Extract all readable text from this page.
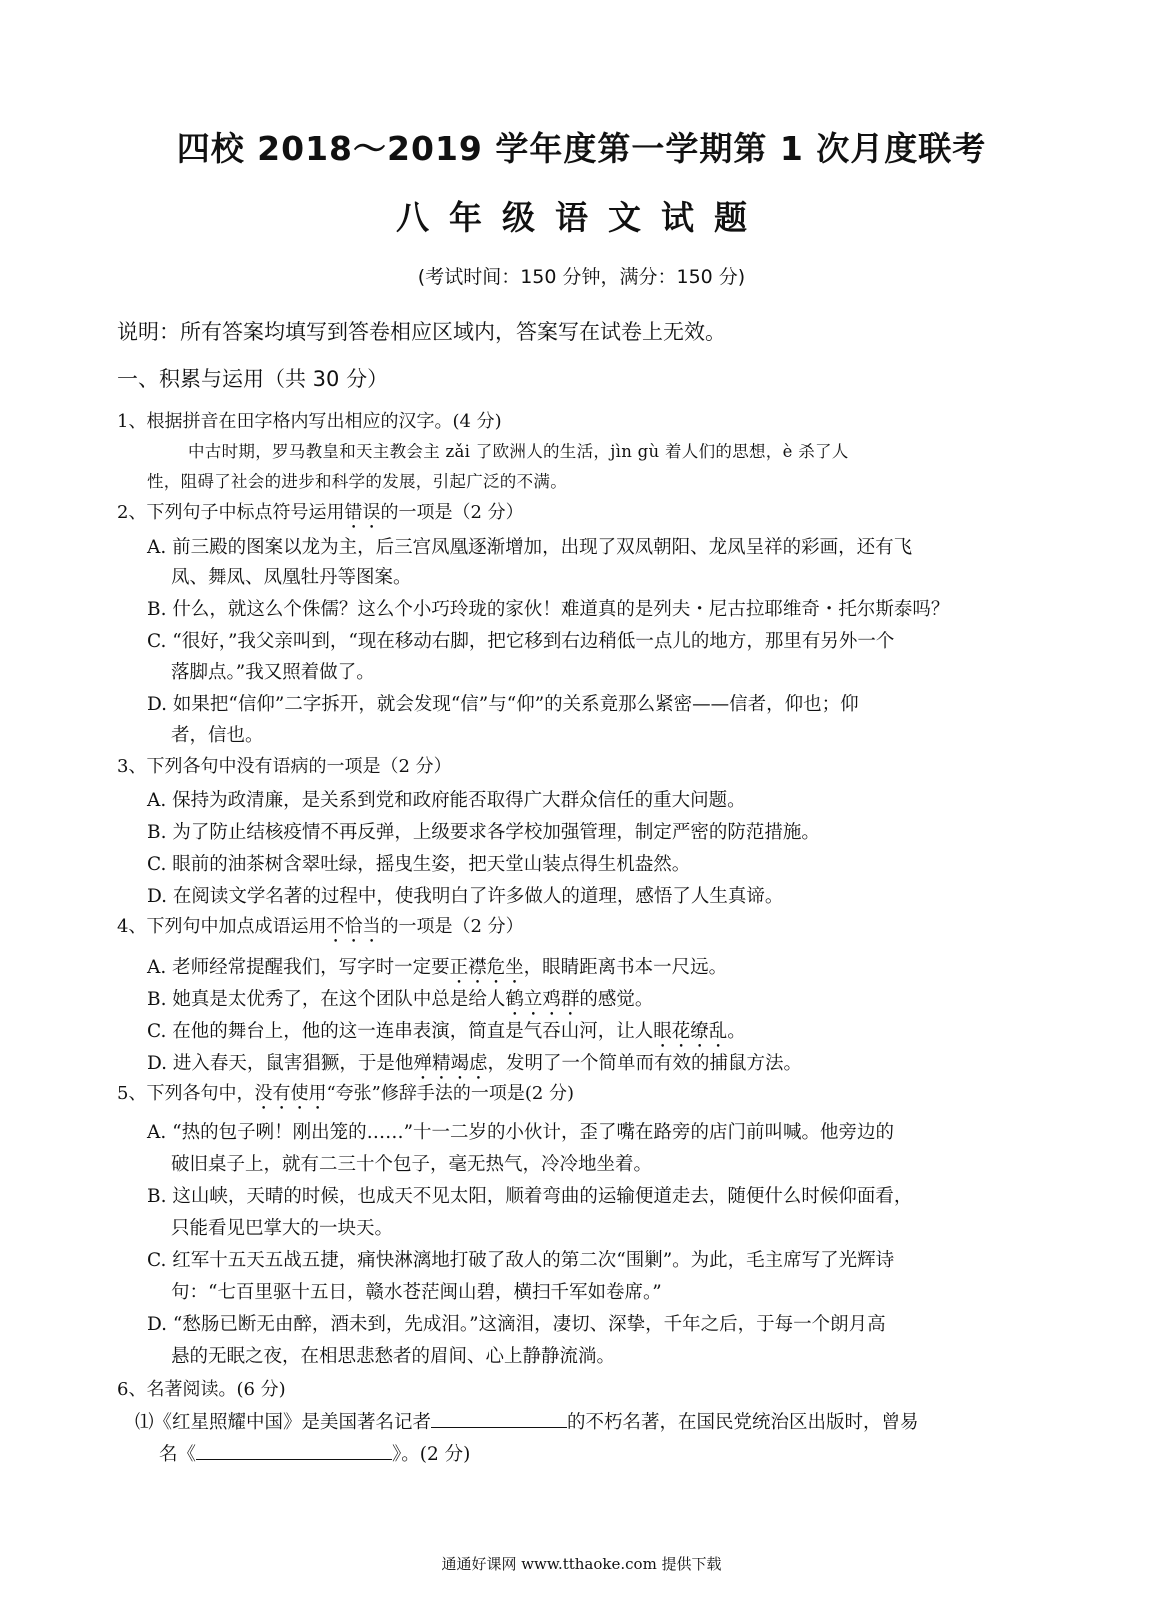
四校 2018～2019 学年度第一学期第 1 次月度联考
八年级语文试题
(考试时间：150 分钟，满分：150 分)
说明：所有答案均填写到答卷相应区域内，答案写在试卷上无效。
一、积累与运用（共 30 分）
1、根据拼音在田字格内写出相应的汉字。(4 分)
中古时期，罗马教皇和天主教会主 zǎi 了欧洲人的生活，jìn gù 着人们的思想，è 杀了人
性，阻碍了社会的进步和科学的发展，引起广泛的不满。
2、下列句子中标点符号运用错误的一项是（2 分）
A. 前三殿的图案以龙为主，后三宫凤凰逐渐增加，出现了双凤朝阳、龙凤呈祥的彩画，还有飞
凤、舞凤、凤凰牡丹等图案。
B. 什么，就这么个侏儒？这么个小巧玲珑的家伙！难道真的是列夫・尼古拉耶维奇・托尔斯泰吗？
C. “很好，”我父亲叫到，“现在移动右脚，把它移到右边稍低一点儿的地方，那里有另外一个
落脚点。”我又照着做了。
D. 如果把“信仰”二字拆开，就会发现“信”与“仰”的关系竟那么紧密——信者，仰也；仰
者，信也。
3、下列各句中没有语病的一项是（2 分）
A. 保持为政清廉，是关系到党和政府能否取得广大群众信任的重大问题。
B. 为了防止结核疫情不再反弹，上级要求各学校加强管理，制定严密的防范措施。
C. 眼前的油茶树含翠吐绿，摇曳生姿，把天堂山装点得生机盎然。
D. 在阅读文学名著的过程中，使我明白了许多做人的道理，感悟了人生真谛。
4、下列句中加点成语运用不恰当的一项是（2 分）
A. 老师经常提醒我们，写字时一定要正襟危坐，眼睛距离书本一尺远。
B. 她真是太优秀了，在这个团队中总是给人鹤立鸡群的感觉。
C. 在他的舞台上，他的这一连串表演，简直是气吞山河，让人眼花缭乱。
D. 进入春天，鼠害猖獗，于是他殚精竭虑，发明了一个简单而有效的捕鼠方法。
5、下列各句中，没有使用“夸张”修辞手法的一项是(2 分)
A. “热的包子咧！刚出笼的……”十一二岁的小伙计，歪了嘴在路旁的店门前叫喊。他旁边的
破旧桌子上，就有二三十个包子，毫无热气，冷冷地坐着。
B. 这山峡，天晴的时候，也成天不见太阳，顺着弯曲的运输便道走去，随便什么时候仰面看，
只能看见巴掌大的一块天。
C. 红军十五天五战五捷，痛快淋漓地打破了敌人的第二次“围剿”。为此，毛主席写了光辉诗
句：“七百里驱十五日，赣水苍茫闽山碧，横扫千军如卷席。”
D. “愁肠已断无由醉，酒未到，先成泪。”这滴泪，凄切、深挚，千年之后，于每一个朗月高
悬的无眠之夜，在相思悲愁者的眉间、心上静静流淌。
6、名著阅读。(6 分)
⑴《红星照耀中国》是美国著名记者	的不朽名著，在国民党统治区出版时，曾易
名《	》。(2 分)
通通好课网 www.tthaoke.com 提供下载
